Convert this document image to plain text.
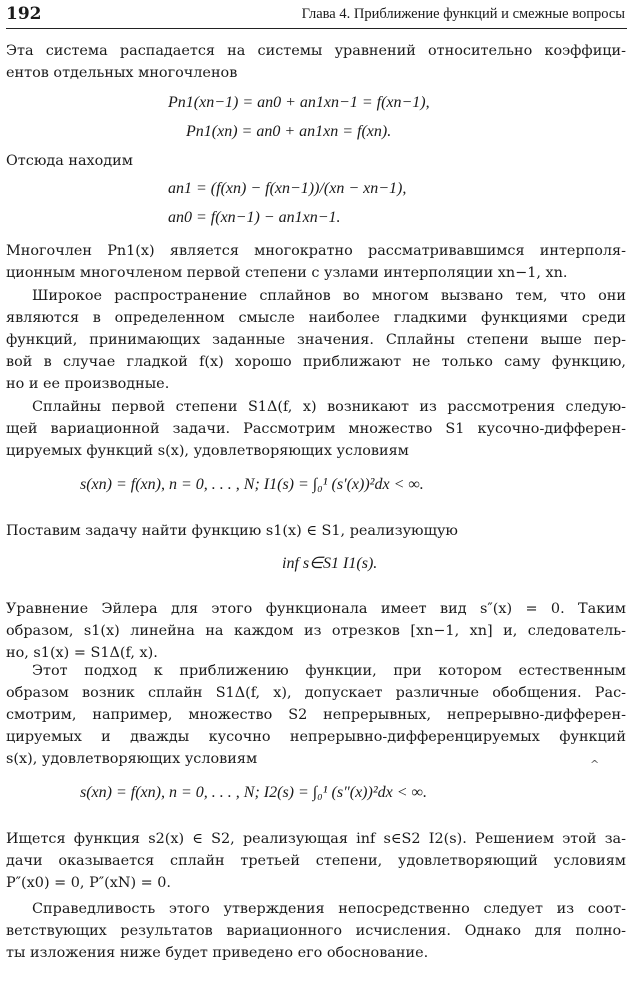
192	Глава 4. Приближение функций и смежные вопросы
Эта система распадается на системы уравнений относительно коэффици-
ентов отдельных многочленов
Pn1(xn−1) = an0 + an1xn−1 = f(xn−1),
Pn1(xn) = an0 + an1xn = f(xn).
Отсюда находим
an1 = (f(xn) − f(xn−1))/(xn − xn−1),
an0 = f(xn−1) − an1xn−1.
Многочлен Pn1(x) является многократно рассматривавшимся интерполя-
ционным многочленом первой степени с узлами интерполяции xn−1, xn.
Широкое распространение сплайнов во многом вызвано тем, что они
являются в определенном смысле наиболее гладкими функциями среди
функций, принимающих заданные значения. Сплайны степени выше пер-
вой в случае гладкой f(x) хорошо приближают не только саму функцию,
но и ее производные.
Сплайны первой степени S1Δ(f, x) возникают из рассмотрения следую-
щей вариационной задачи. Рассмотрим множество S1 кусочно-дифферен-
цируемых функций s(x), удовлетворяющих условиям
s(xn) = f(xn), n = 0, . . . , N; I1(s) = ∫₀¹ (s′(x))²dx < ∞.
Поставим задачу найти функцию s1(x) ∈ S1, реализующую
inf s∈S1 I1(s).
Уравнение Эйлера для этого функционала имеет вид s″(x) = 0. Таким
образом, s1(x) линейна на каждом из отрезков [xn−1, xn] и, следователь-
но, s1(x) = S1Δ(f, x).
Этот подход к приближению функции, при котором естественным
образом возник сплайн S1Δ(f, x), допускает различные обобщения. Рас-
смотрим, например, множество S2 непрерывных, непрерывно-дифферен-
цируемых и дважды кусочно непрерывно-дифференцируемых функций
s(x), удовлетворяющих условиям	^
s(xn) = f(xn), n = 0, . . . , N; I2(s) = ∫₀¹ (s″(x))²dx < ∞.
Ищется функция s2(x) ∈ S2, реализующая inf s∈S2 I2(s). Решением этой за-
дачи оказывается сплайн третьей степени, удовлетворяющий условиям
P″(x0) = 0, P″(xN) = 0.
Справедливость этого утверждения непосредственно следует из соот-
ветствующих результатов вариационного исчисления. Однако для полно-
ты изложения ниже будет приведено его обоснование.
